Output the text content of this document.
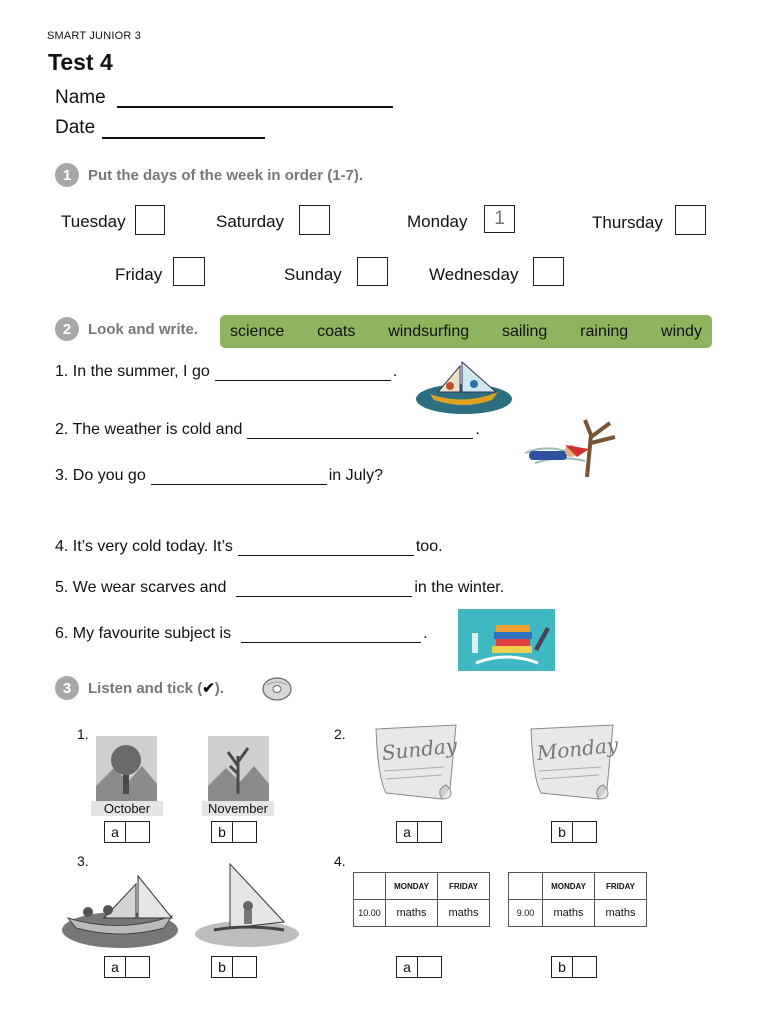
SMART JUNIOR 3
Test 4
Name
Date
1	Put the days of the week in order (1-7).
Tuesday	Saturday	Monday	1	Thursday
Friday	Sunday	Wednesday
2	Look and write. science coats windsurfing sailing raining windy
1. In the summer, I go	.
2. The weather is cold and	.
3. Do you go	in July?
4. It’s very cold today. It’s	too.
5. We wear scarves and	in the winter.
6. My favourite subject is	.
3	Listen and tick (✔).
1.
October	November
a	b
2. Sunday	Monday
a	b
3.
a	b
4.
	MONDAY	FRIDAY
10.00	maths	maths
	MONDAY	FRIDAY
9.00	maths	maths
a	b
